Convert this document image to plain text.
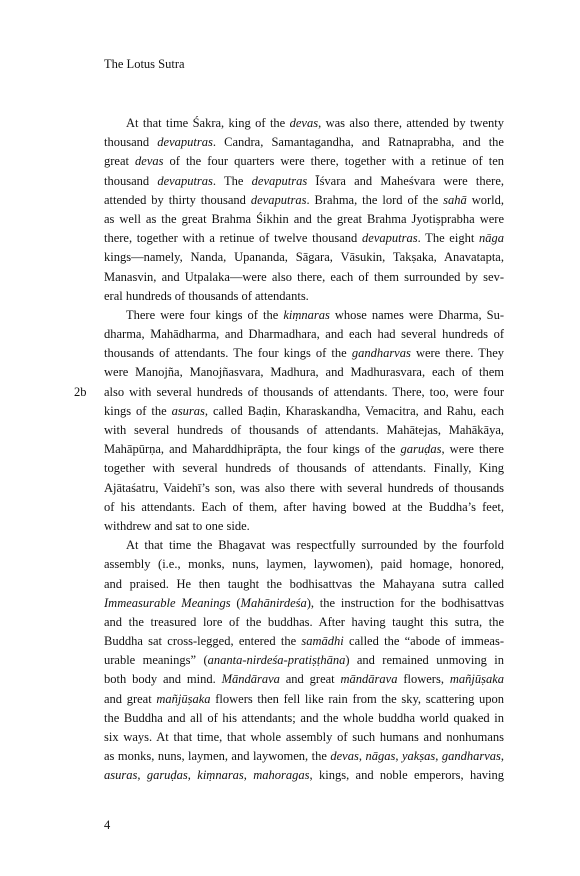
The Lotus Sutra
2b
At that time Śakra, king of the devas, was also there, attended by twenty
thousand devaputras. Candra, Samantagandha, and Ratnaprabha, and the
great devas of the four quarters were there, together with a retinue of ten
thousand devaputras. The devaputras Īśvara and Maheśvara were there,
attended by thirty thousand devaputras. Brahma, the lord of the sahā world,
as well as the great Brahma Śikhin and the great Brahma Jyotiṣprabha were
there, together with a retinue of twelve thousand devaputras. The eight nāga
kings—namely, Nanda, Upananda, Sāgara, Vāsukin, Takṣaka, Anavatapta,
Manasvin, and Utpalaka—were also there, each of them surrounded by sev-
eral hundreds of thousands of attendants.
There were four kings of the kiṃnaras whose names were Dharma, Su-
dharma, Mahādharma, and Dharmadhara, and each had several hundreds of
thousands of attendants. The four kings of the gandharvas were there. They
were Manojña, Manojñasvara, Madhura, and Madhurasvara, each of them
also with several hundreds of thousands of attendants. There, too, were four
kings of the asuras, called Baḍin, Kharaskandha, Vemacitra, and Rahu, each
with several hundreds of thousands of attendants. Mahātejas, Mahākāya,
Mahāpūrṇa, and Maharddhiprāpta, the four kings of the garuḍas, were there
together with several hundreds of thousands of attendants. Finally, King
Ajātaśatru, Vaidehī’s son, was also there with several hundreds of thousands
of his attendants. Each of them, after having bowed at the Buddha’s feet,
withdrew and sat to one side.
At that time the Bhagavat was respectfully surrounded by the fourfold
assembly (i.e., monks, nuns, laymen, laywomen), paid homage, honored,
and praised. He then taught the bodhisattvas the Mahayana sutra called
Immeasurable Meanings (Mahānirdeśa), the instruction for the bodhisattvas
and the treasured lore of the buddhas. After having taught this sutra, the
Buddha sat cross-legged, entered the samādhi called the “abode of immeas-
urable meanings” (ananta-nirdeśa-pratiṣṭhāna) and remained unmoving in
both body and mind. Māndārava and great māndārava flowers, mañjūṣaka
and great mañjūṣaka flowers then fell like rain from the sky, scattering upon
the Buddha and all of his attendants; and the whole buddha world quaked in
six ways. At that time, that whole assembly of such humans and nonhumans
as monks, nuns, laymen, and laywomen, the devas, nāgas, yakṣas, gandharvas,
asuras, garuḍas, kiṃnaras, mahoragas, kings, and noble emperors, having
4
